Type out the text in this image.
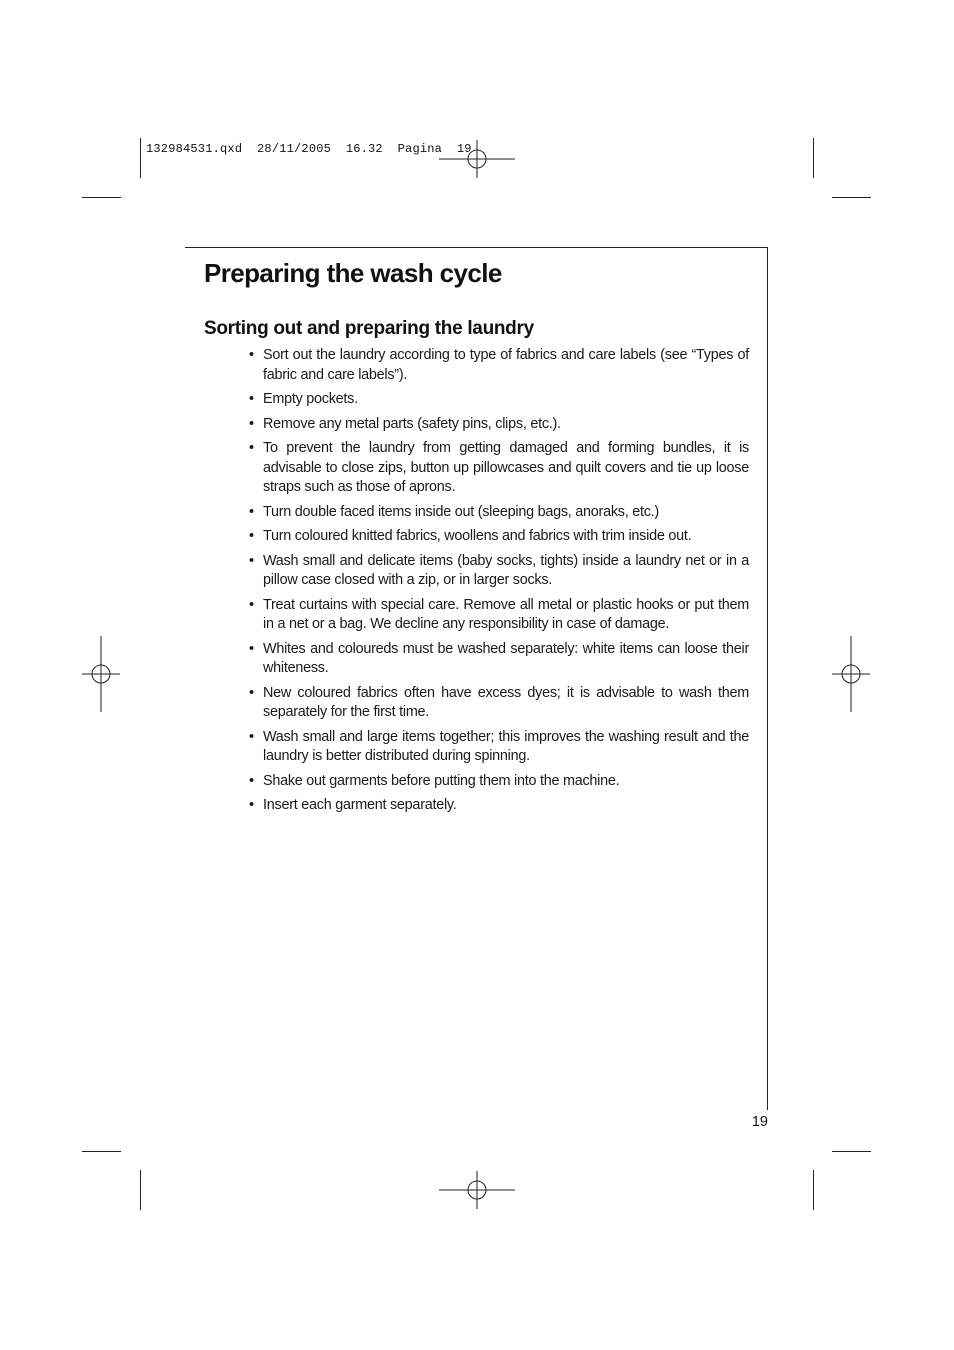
132984531.qxd  28/11/2005  16.32  Pagina  19
Preparing the wash cycle
Sorting out and preparing the laundry
• Sort out the laundry according to type of fabrics and care labels (see “Types of fabric and care labels”).
• Empty pockets.
• Remove any metal parts (safety pins, clips, etc.).
• To prevent the laundry from getting damaged and forming bundles, it is advisable to close zips, button up pillowcases and quilt covers and tie up loose straps such as those of aprons.
• Turn double faced items inside out (sleeping bags, anoraks, etc.)
• Turn coloured knitted fabrics, woollens and fabrics with trim inside out.
• Wash small and delicate items (baby socks, tights) inside a laundry net or in a pillow case closed with a zip, or in larger socks.
• Treat curtains with special care. Remove all metal or plastic hooks or put them in a net or a bag. We decline any responsibility in case of damage.
• Whites and coloureds must be washed separately: white items can loose their whiteness.
• New coloured fabrics often have excess dyes; it is advisable to wash them separately for the first time.
• Wash small and large items together; this improves the washing result and the laundry is better distributed during spinning.
• Shake out garments before putting them into the machine.
• Insert each garment separately.
19
